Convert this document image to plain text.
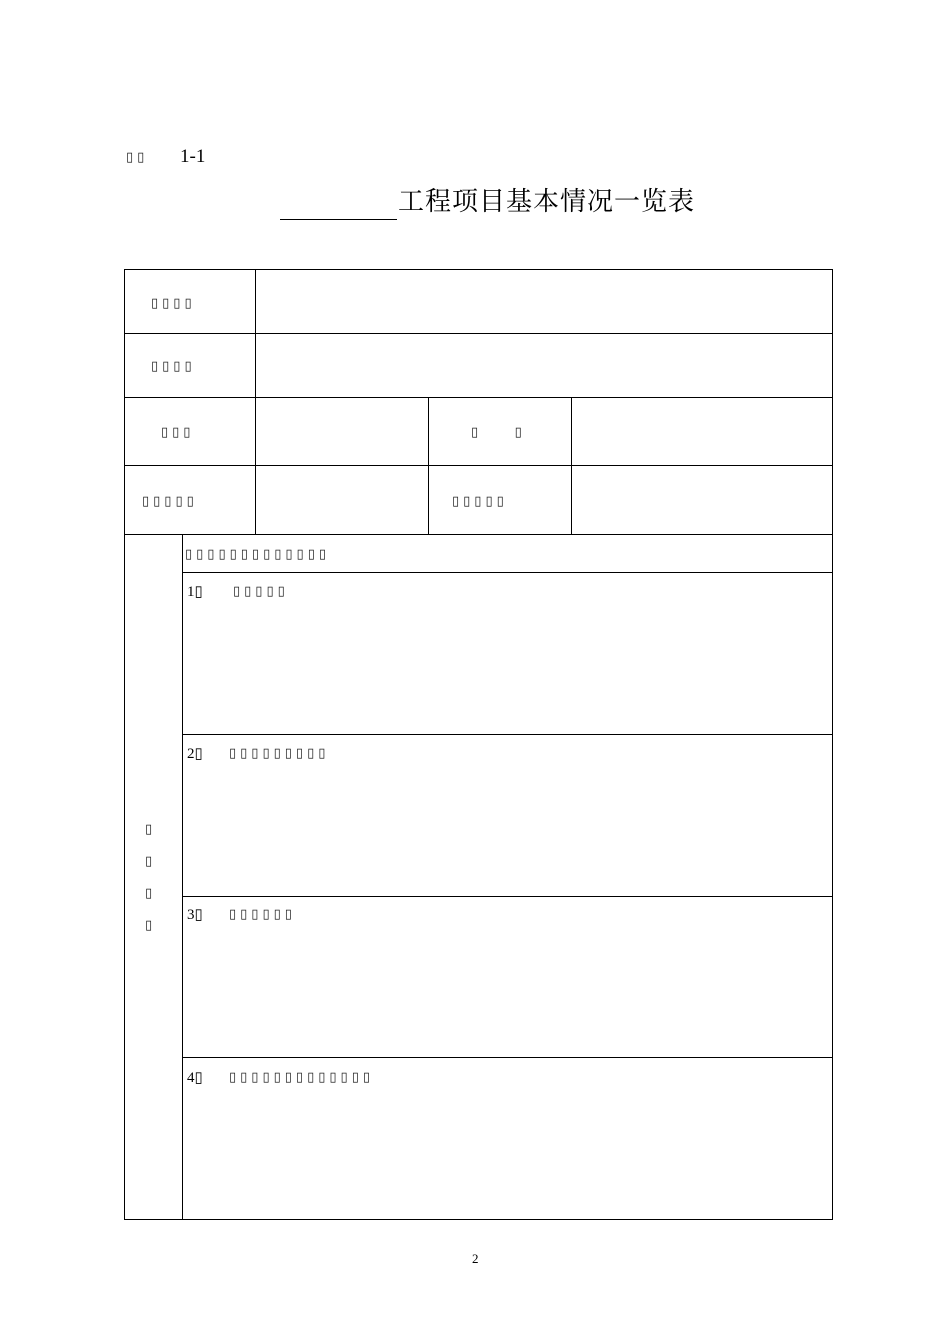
▯▯ 1-1
工程项目基本情况一览表
▯▯▯▯
▯▯▯▯
▯▯▯	▯    ▯
▯▯▯▯▯	▯▯▯▯▯
▯
▯
▯
▯
▯▯▯▯▯▯▯▯▯▯▯▯▯
1▯ ▯▯▯▯▯
2▯ ▯▯▯▯▯▯▯▯▯
3▯ ▯▯▯▯▯▯
4▯ ▯▯▯▯▯▯▯▯▯▯▯▯▯
2
